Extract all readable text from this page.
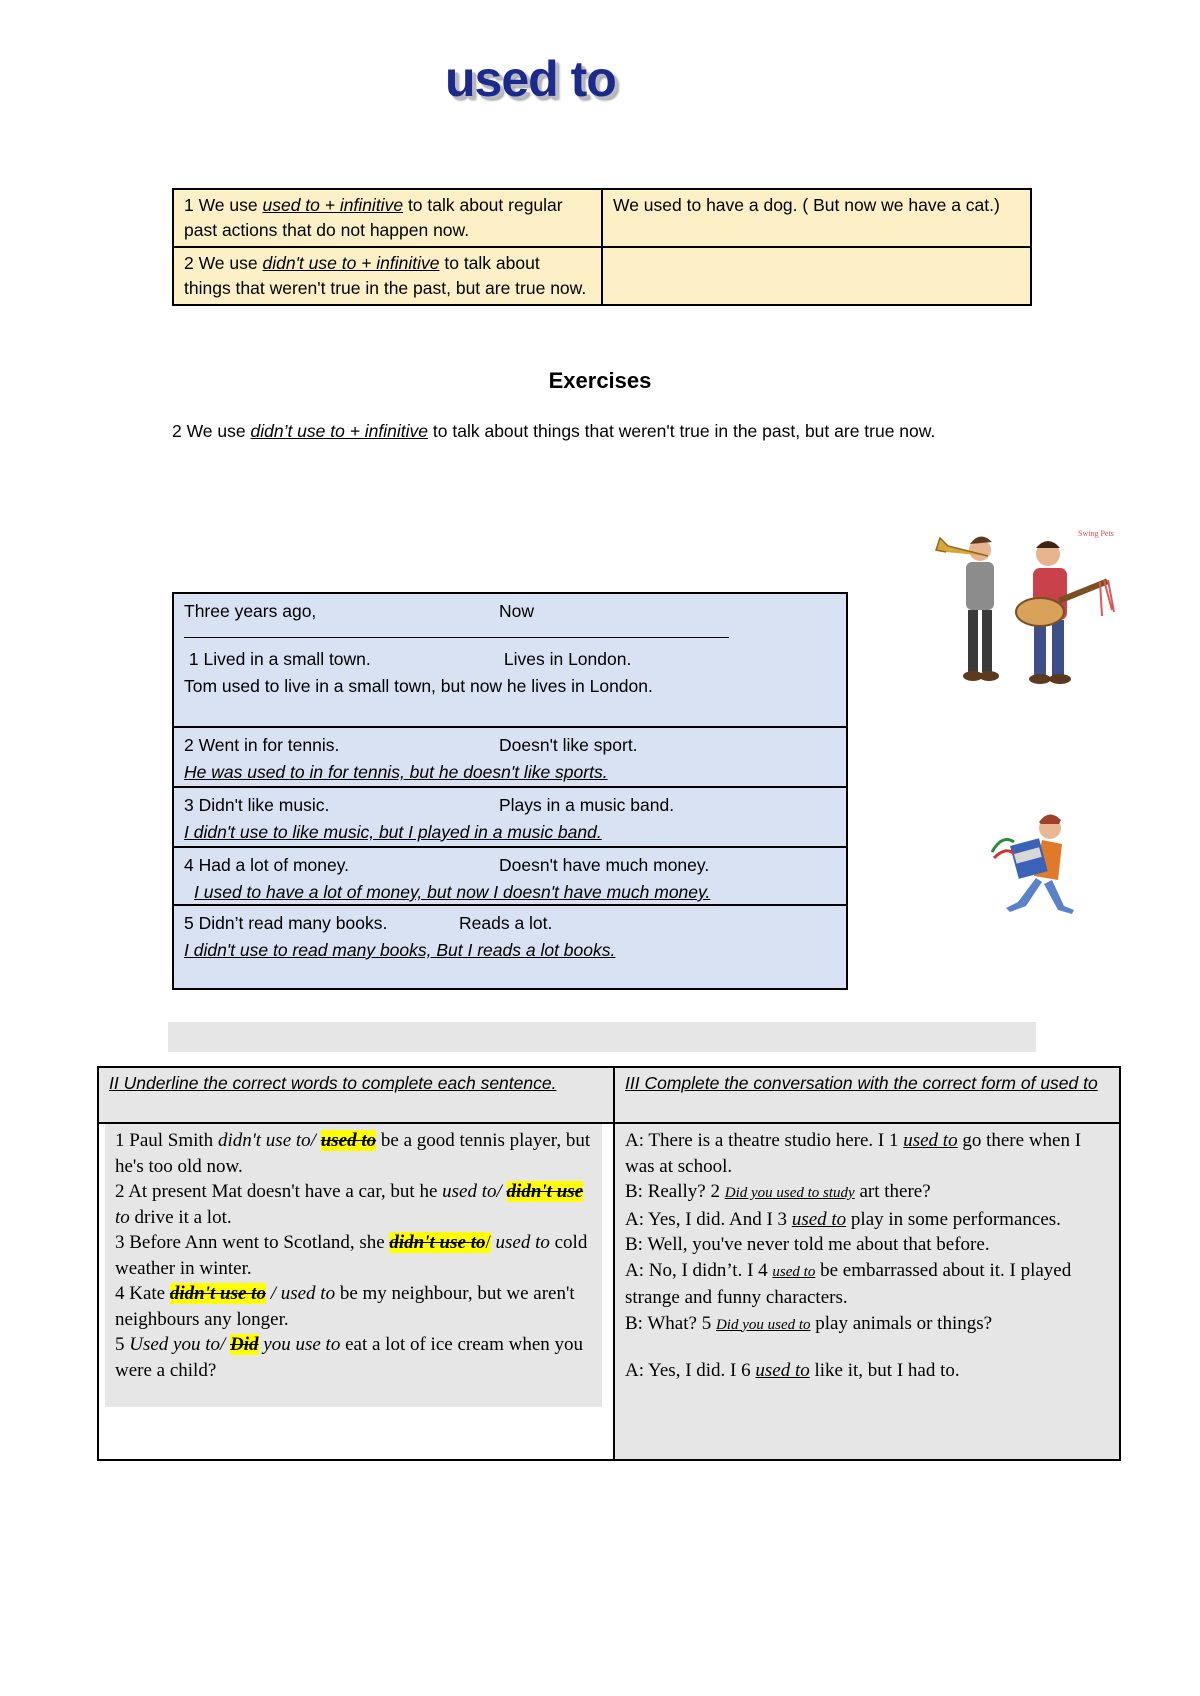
used to
1 We use used to + infinitive to talk about regular past actions that do not happen now.	We used to have a dog. ( But now we have a cat.)
2 We use didn't use to + infinitive to talk about things that weren't true in the past, but are true now.	
Exercises
2 We use didn’t use to + infinitive to talk about things that weren't true in the past, but are true now.
Swing Pets
Three years ago,	Now
1 Lived in a small town.	Lives in London.
Tom used to live in a small town, but now he lives in London.
2 Went in for tennis.	Doesn't like sport.
He was used to in for tennis, but he doesn't like sports.
3 Didn't like music.	Plays in a music band.
I didn't use to like music, but I played in a music band.
4 Had a lot of money.	Doesn't have much money.
I used to have a lot of money, but now I doesn't have much money.
5 Didn’t read many books.	Reads a lot.
I didn't use to read many books, But I reads a lot books.
II Underline the correct words to complete each sentence.
1 Paul Smith didn't use to/ used to be a good tennis player, but he's too old now.
2 At present Mat doesn't have a car, but he used to/ didn't use to drive it a lot.
3 Before Ann went to Scotland, she didn't use to/ used to cold weather in winter.
4 Kate didn't use to / used to be my neighbour, but we aren't neighbours any longer.
5 Used you to/ Did you use to eat a lot of ice cream when you were a child?
III Complete the conversation with the correct form of used to
A: There is a theatre studio here. I 1 used to go there when I was at school.
B: Really? 2 Did you used to study art there?
A: Yes, I did. And I 3 used to play in some performances.
B: Well, you've never told me about that before.
A: No, I didn’t. I 4 used to be embarrassed about it. I played strange and funny characters.
B: What? 5 Did you used to play animals or things?
A: Yes, I did. I 6 used to like it, but I had to.
